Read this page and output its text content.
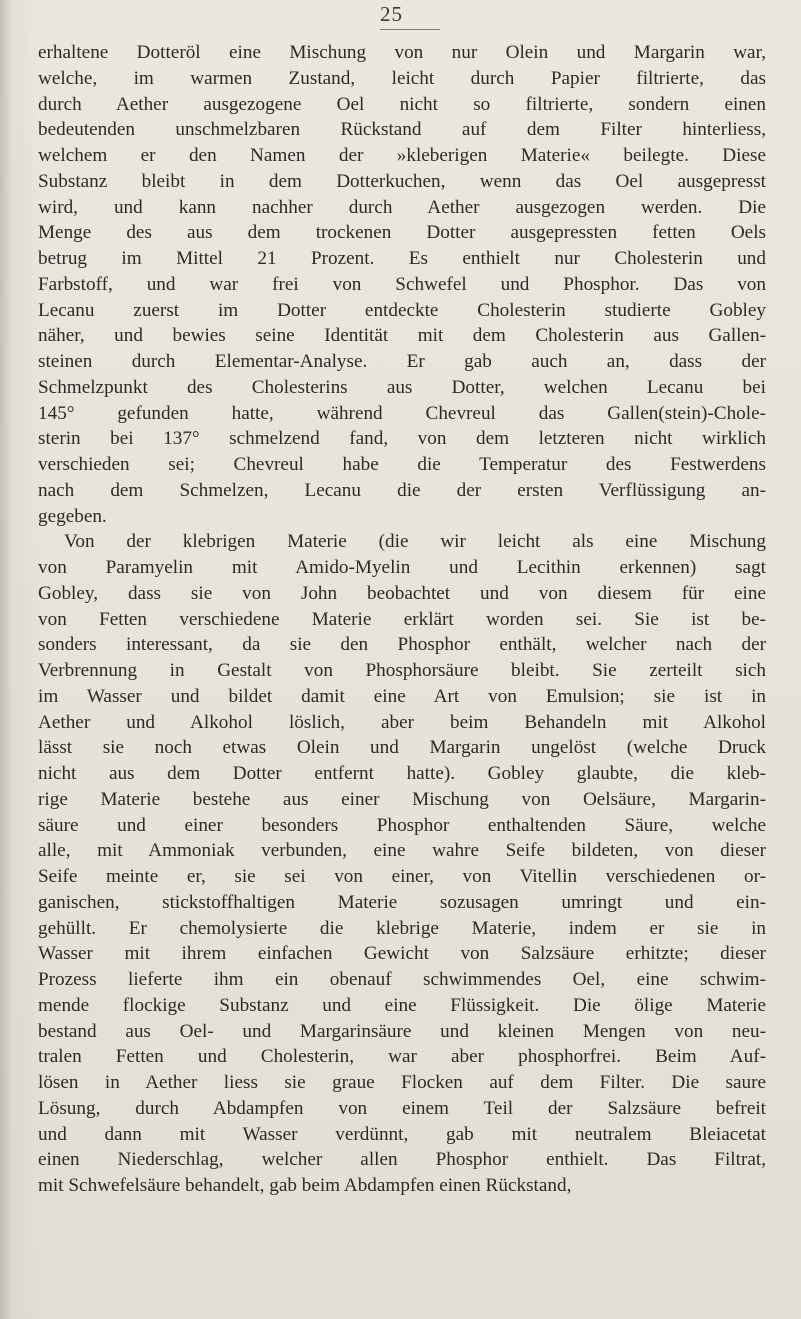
25
erhaltene Dotteröl eine Mischung von nur Olein und Margarin war,
welche, im warmen Zustand, leicht durch Papier filtrierte, das
durch Aether ausgezogene Oel nicht so filtrierte, sondern einen
bedeutenden unschmelzbaren Rückstand auf dem Filter hinterliess,
welchem er den Namen der »kleberigen Materie« beilegte. Diese
Substanz bleibt in dem Dotterkuchen, wenn das Oel ausgepresst
wird, und kann nachher durch Aether ausgezogen werden. Die
Menge des aus dem trockenen Dotter ausgepressten fetten Oels
betrug im Mittel 21 Prozent. Es enthielt nur Cholesterin und
Farbstoff, und war frei von Schwefel und Phosphor. Das von
Lecanu zuerst im Dotter entdeckte Cholesterin studierte Gobley
näher, und bewies seine Identität mit dem Cholesterin aus Gallen-
steinen durch Elementar-Analyse. Er gab auch an, dass der
Schmelzpunkt des Cholesterins aus Dotter, welchen Lecanu bei
145° gefunden hatte, während Chevreul das Gallen(stein)-Chole-
sterin bei 137° schmelzend fand, von dem letzteren nicht wirklich
verschieden sei; Chevreul habe die Temperatur des Festwerdens
nach dem Schmelzen, Lecanu die der ersten Verflüssigung an-
gegeben.
Von der klebrigen Materie (die wir leicht als eine Mischung
von Paramyelin mit Amido-Myelin und Lecithin erkennen) sagt
Gobley, dass sie von John beobachtet und von diesem für eine
von Fetten verschiedene Materie erklärt worden sei. Sie ist be-
sonders interessant, da sie den Phosphor enthält, welcher nach der
Verbrennung in Gestalt von Phosphorsäure bleibt. Sie zerteilt sich
im Wasser und bildet damit eine Art von Emulsion; sie ist in
Aether und Alkohol löslich, aber beim Behandeln mit Alkohol
lässt sie noch etwas Olein und Margarin ungelöst (welche Druck
nicht aus dem Dotter entfernt hatte). Gobley glaubte, die kleb-
rige Materie bestehe aus einer Mischung von Oelsäure, Margarin-
säure und einer besonders Phosphor enthaltenden Säure, welche
alle, mit Ammoniak verbunden, eine wahre Seife bildeten, von dieser
Seife meinte er, sie sei von einer, von Vitellin verschiedenen or-
ganischen, stickstoffhaltigen Materie sozusagen umringt und ein-
gehüllt. Er chemolysierte die klebrige Materie, indem er sie in
Wasser mit ihrem einfachen Gewicht von Salzsäure erhitzte; dieser
Prozess lieferte ihm ein obenauf schwimmendes Oel, eine schwim-
mende flockige Substanz und eine Flüssigkeit. Die ölige Materie
bestand aus Oel- und Margarinsäure und kleinen Mengen von neu-
tralen Fetten und Cholesterin, war aber phosphorfrei. Beim Auf-
lösen in Aether liess sie graue Flocken auf dem Filter. Die saure
Lösung, durch Abdampfen von einem Teil der Salzsäure befreit
und dann mit Wasser verdünnt, gab mit neutralem Bleiacetat
einen Niederschlag, welcher allen Phosphor enthielt. Das Filtrat,
mit Schwefelsäure behandelt, gab beim Abdampfen einen Rückstand,
